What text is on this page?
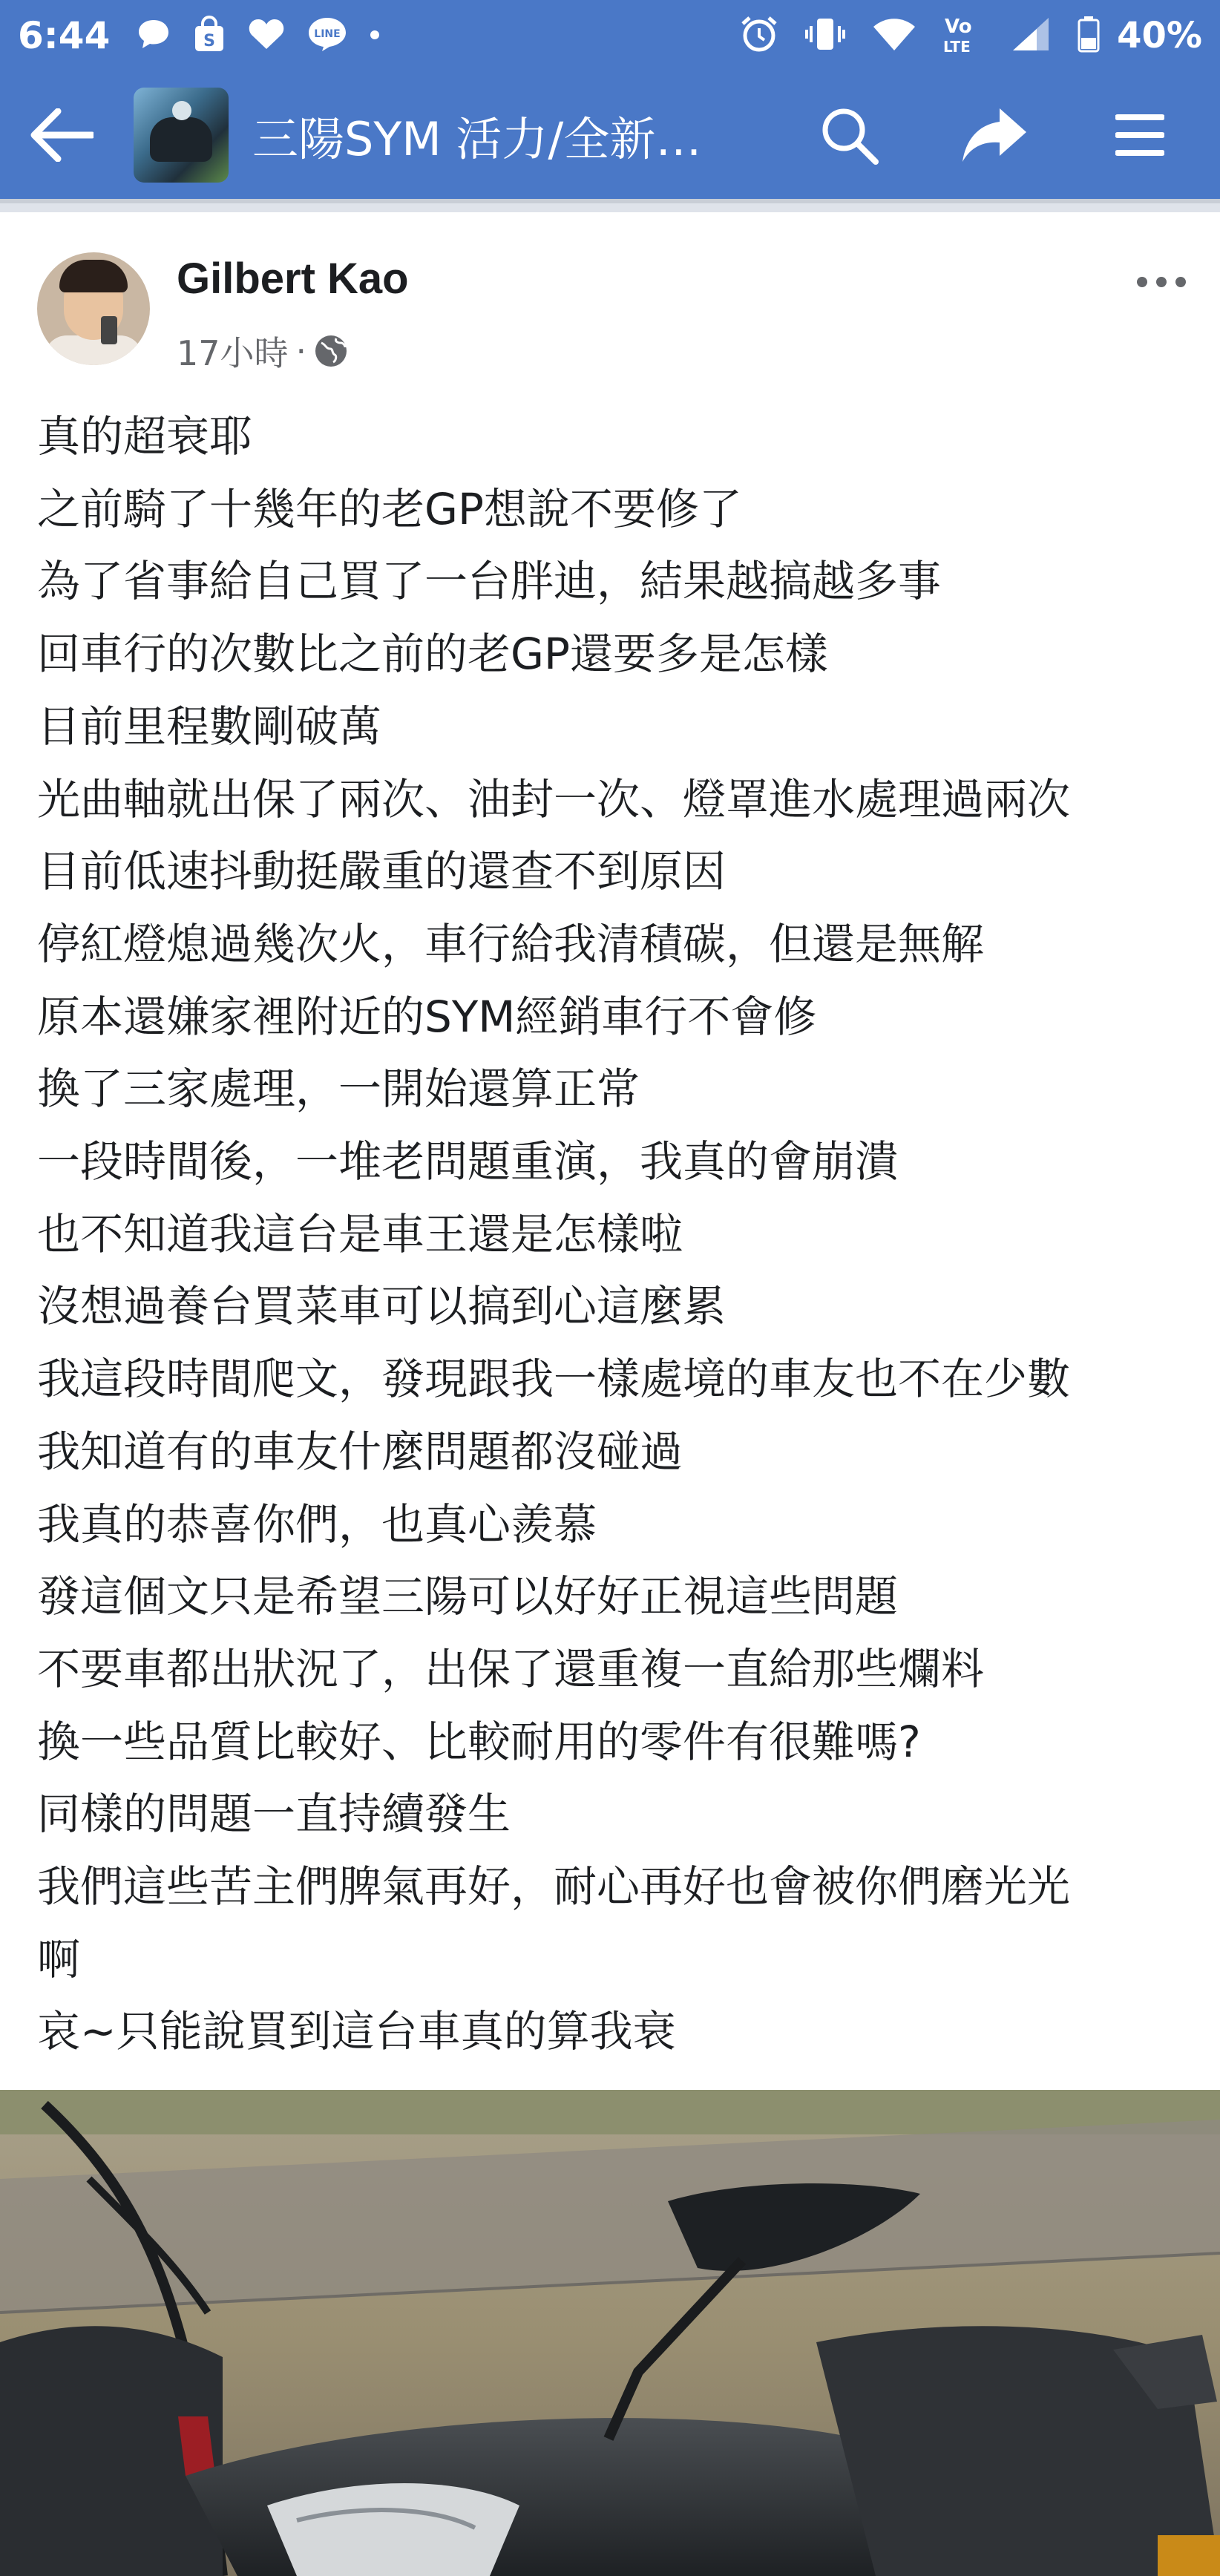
6:44	S	LINE	Vo
LTE	40%
三陽SYM 活力/全新…
Gilbert Kao
17小時 ·
真的超衰耶
之前騎了十幾年的老GP想說不要修了
為了省事給自己買了一台胖迪，結果越搞越多事
回車行的次數比之前的老GP還要多是怎樣
目前里程數剛破萬
光曲軸就出保了兩次、油封一次、燈罩進水處理過兩次
目前低速抖動挺嚴重的還查不到原因
停紅燈熄過幾次火，車行給我清積碳，但還是無解
原本還嫌家裡附近的SYM經銷車行不會修
換了三家處理，一開始還算正常
一段時間後，一堆老問題重演，我真的會崩潰
也不知道我這台是車王還是怎樣啦
沒想過養台買菜車可以搞到心這麼累
我這段時間爬文，發現跟我一樣處境的車友也不在少數
我知道有的車友什麼問題都沒碰過
我真的恭喜你們，也真心羨慕
發這個文只是希望三陽可以好好正視這些問題
不要車都出狀況了，出保了還重複一直給那些爛料
換一些品質比較好、比較耐用的零件有很難嗎?
同樣的問題一直持續發生
我們這些苦主們脾氣再好，耐心再好也會被你們磨光光
啊
哀~只能說買到這台車真的算我衰
